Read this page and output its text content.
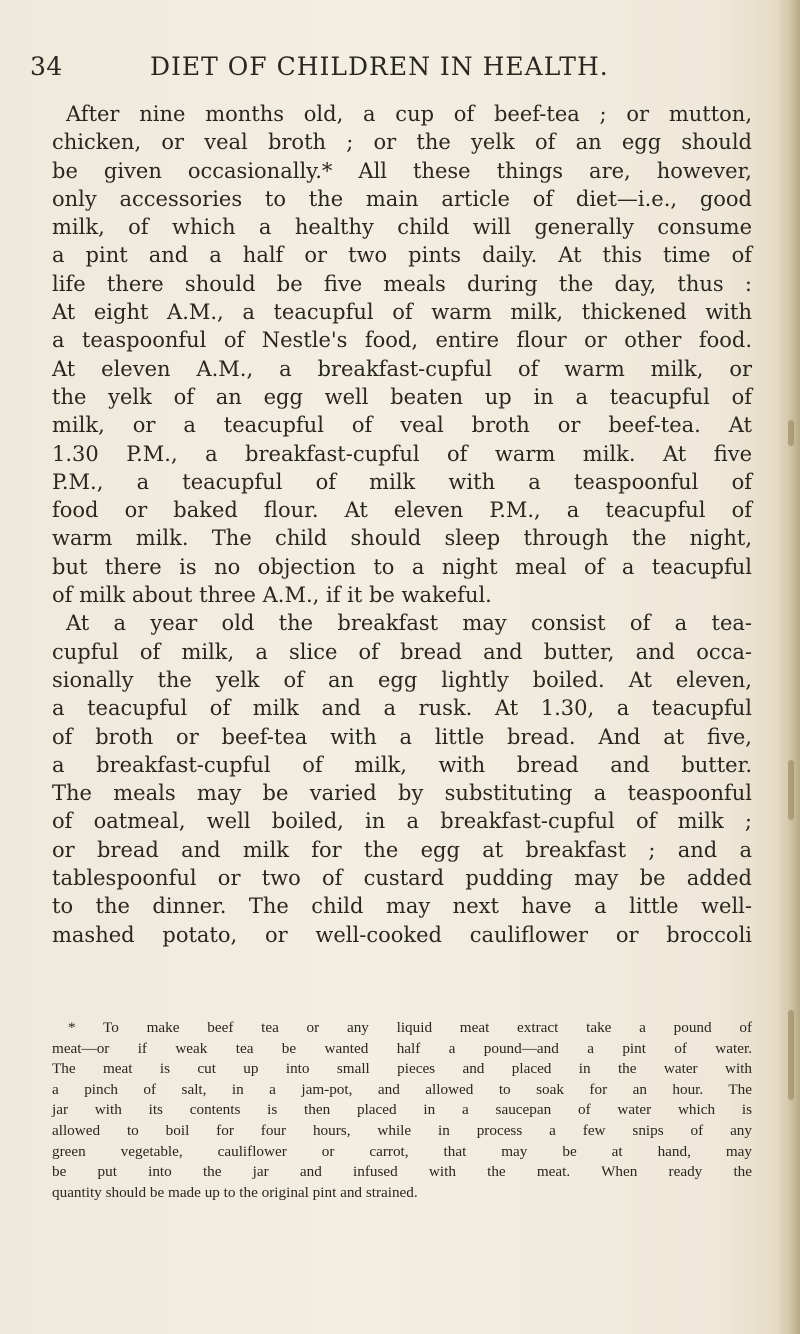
34	DIET OF CHILDREN IN HEALTH.
After nine months old, a cup of beef-tea ; or mutton,
chicken, or veal broth ; or the yelk of an egg should
be given occasionally.* All these things are, however,
only accessories to the main article of diet—i.e., good
milk, of which a healthy child will generally consume
a pint and a half or two pints daily. At this time of
life there should be five meals during the day, thus :
At eight A.M., a teacupful of warm milk, thickened with
a teaspoonful of Nestle's food, entire flour or other food.
At eleven A.M., a breakfast-cupful of warm milk, or
the yelk of an egg well beaten up in a teacupful of
milk, or a teacupful of veal broth or beef-tea. At
1.30 P.M., a breakfast-cupful of warm milk. At five
P.M., a teacupful of milk with a teaspoonful of
food or baked flour. At eleven P.M., a teacupful of
warm milk. The child should sleep through the night,
but there is no objection to a night meal of a teacupful
of milk about three A.M., if it be wakeful.
At a year old the breakfast may consist of a tea-
cupful of milk, a slice of bread and butter, and occa-
sionally the yelk of an egg lightly boiled. At eleven,
a teacupful of milk and a rusk. At 1.30, a teacupful
of broth or beef-tea with a little bread. And at five,
a breakfast-cupful of milk, with bread and butter.
The meals may be varied by substituting a teaspoonful
of oatmeal, well boiled, in a breakfast-cupful of milk ;
or bread and milk for the egg at breakfast ; and a
tablespoonful or two of custard pudding may be added
to the dinner. The child may next have a little well-
mashed potato, or well-cooked cauliflower or broccoli
* To make beef tea or any liquid meat extract take a pound of
meat—or if weak tea be wanted half a pound—and a pint of water.
The meat is cut up into small pieces and placed in the water with
a pinch of salt, in a jam-pot, and allowed to soak for an hour. The
jar with its contents is then placed in a saucepan of water which is
allowed to boil for four hours, while in process a few snips of any
green vegetable, cauliflower or carrot, that may be at hand, may
be put into the jar and infused with the meat. When ready the
quantity should be made up to the original pint and strained.
